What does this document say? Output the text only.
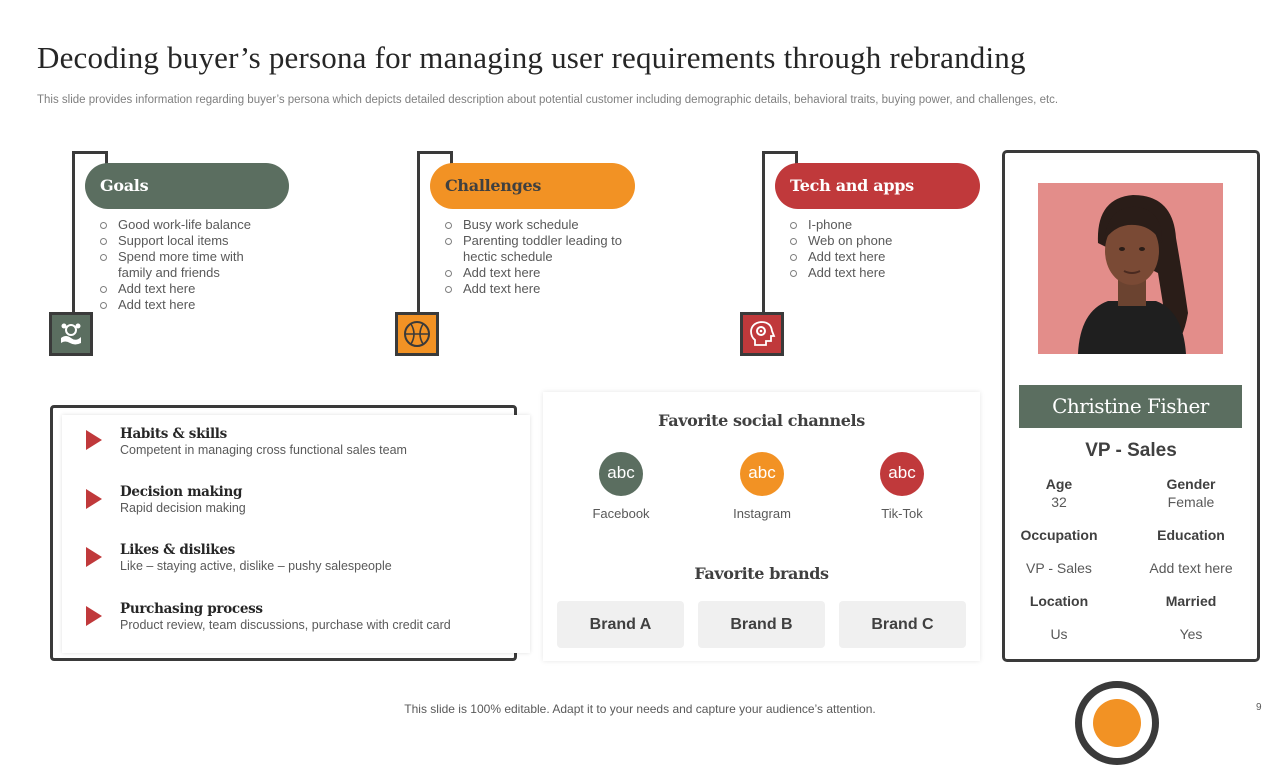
Decoding buyer’s persona for managing user requirements through rebranding
This slide provides information regarding buyer’s persona which depicts detailed description about potential customer including demographic details, behavioral traits, buying power, and challenges, etc.
Goals
Good work-life balance
Support local items
Spend more time with family and friends
Add text here
Add text here
Challenges
Busy work schedule
Parenting toddler leading to hectic schedule
Add text here
Add text here
Tech and apps
I-phone
Web on phone
Add text here
Add text here
Habits & skills
Competent in managing cross functional sales team
Decision making
Rapid decision making
Likes & dislikes
Like – staying active, dislike – pushy salespeople
Purchasing process
Product review, team discussions, purchase with credit card
Favorite social channels
abc
Facebook
abc
Instagram
abc
Tik-Tok
Favorite brands
Brand A	Brand B	Brand C
Christine Fisher
VP - Sales
Age
32
Gender
Female
Occupation
VP - Sales
Education
Add text here
Location
Us
Married
Yes
This slide is 100% editable. Adapt it to your needs and capture your audience’s attention.	9
